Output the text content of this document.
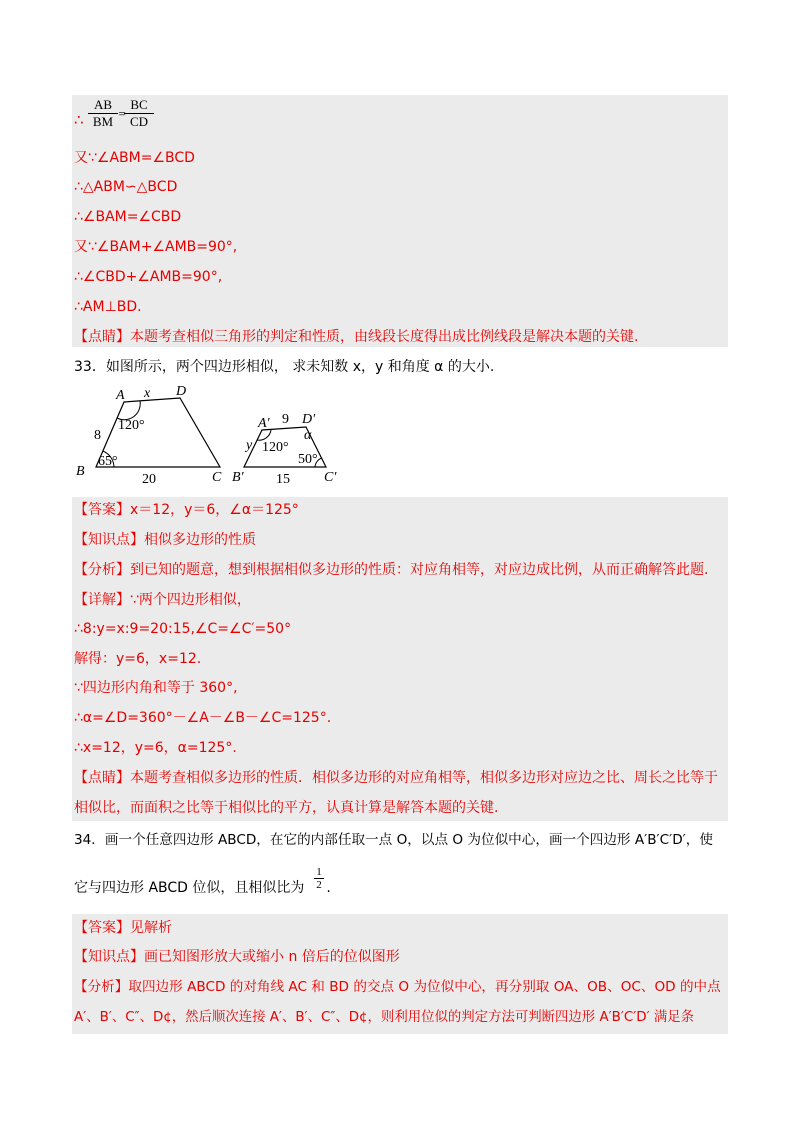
∴ $\frac{AB}{BM}$ =
$\frac{BC}{CD}$
又∵∠ABM=∠BCD
∴△ABM∽△BCD
∴∠BAM=∠CBD
又∵∠BAM+∠AMB=90°,
∴∠CBD+∠AMB=90°,
∴AM⊥BD.
【点睛】本题考查相似三角形的判定和性质，由线段长度得出成比例线段是解决本题的关键.
33．如图所示，两个四边形相似， 求未知数 x，y 和角度 α 的大小.
A	D
B	C
x
8
20
120°
65°
A′ D′
B′	C′
y
α
9
15
120°
50°
【答案】x＝12，y＝6，∠α＝125°
【知识点】相似多边形的性质
【分析】到已知的题意，想到根据相似多边形的性质：对应角相等，对应边成比例，从而正确解答此题.
【详解】∵两个四边形相似，
∴8:y=x:9=20:15,∠C=∠C′=50°
解得：y=6，x=12.
∵四边形内角和等于 360°,
∴α=∠D=360°－∠A－∠B－∠C=125°.
∴x=12，y=6，α=125°.
【点睛】本题考查相似多边形的性质．相似多边形的对应角相等，相似多边形对应边之比、周长之比等于
相似比，而面积之比等于相似比的平方，认真计算是解答本题的关键.
34．画一个任意四边形 ABCD，在它的内部任取一点 O，以点 O 为位似中心，画一个四边形 A′B′C′D′，使
它与四边形 ABCD 位似，且相似比为 .
$\frac{1}{2}$
【答案】见解析
【知识点】画已知图形放大或缩小 n 倍后的位似图形
【分析】取四边形 ABCD 的对角线 AC 和 BD 的交点 O 为位似中心，再分别取 OA、OB、OC、OD 的中点
A′、B′、C″、D¢，然后顺次连接 A′、B′、C″、D¢，则利用位似的判定方法可判断四边形 A′B′C′D′ 满足条
